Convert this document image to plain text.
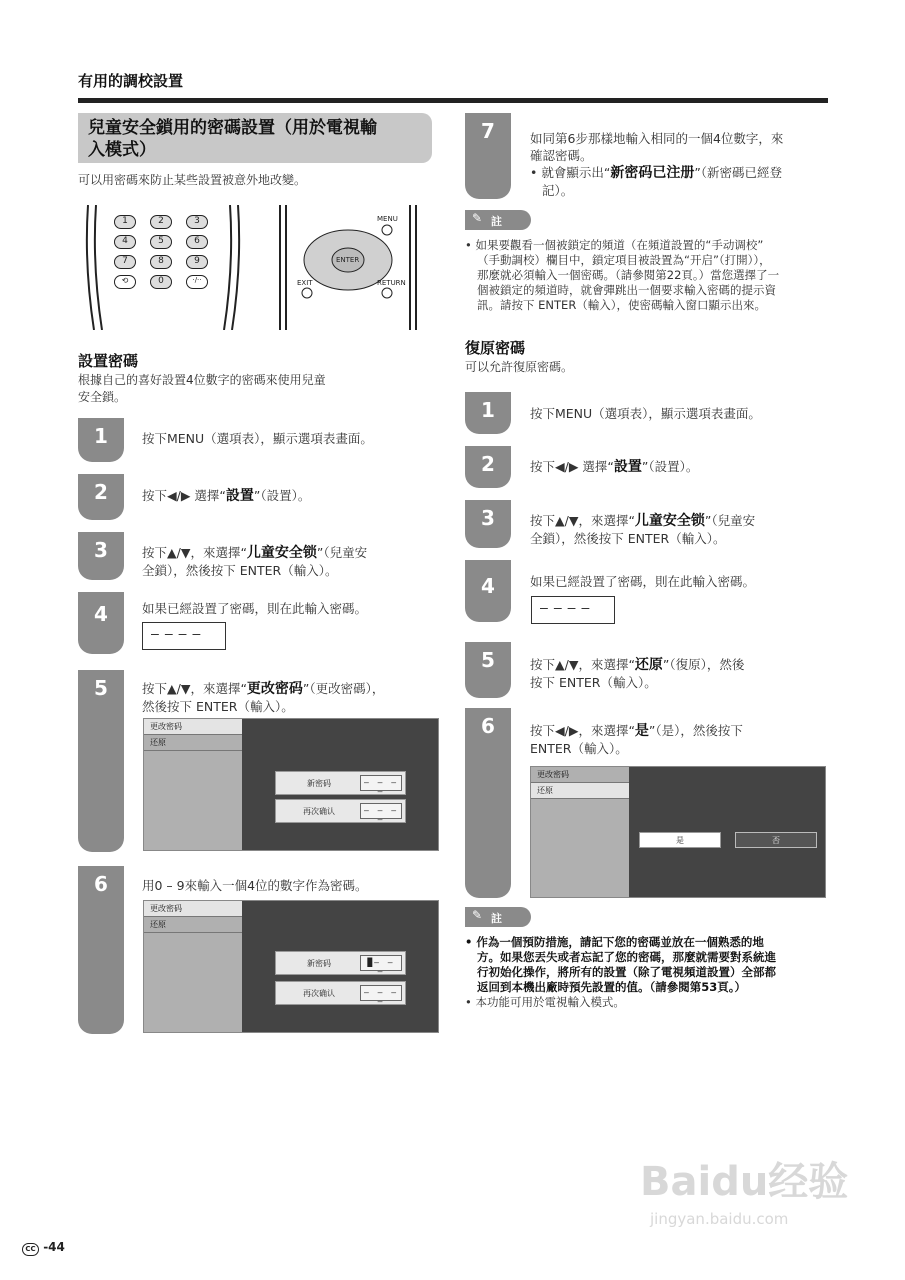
有用的調校設置
兒童安全鎖用的密碼設置（用於電視輸
入模式）
可以用密碼來防止某些設置被意外地改變。
1	2	3
4	5	6
7	8	9
⟲	0	·/··
MENU
EXIT	RETURN
ENTER
設置密碼
根據自己的喜好設置4位數字的密碼來使用兒童
安全鎖。
1	按下MENU（選項表），顯示選項表畫面。
2	按下◀/▶ 選擇“設置”（設置）。
3	按下▲/▼，來選擇“儿童安全锁”（兒童安
全鎖），然後按下 ENTER（輸入）。
4	如果已經設置了密碼，則在此輸入密碼。
––––
5	按下▲/▼，來選擇“更改密码”（更改密碼），
然後按下 ENTER（輸入）。
更改密码
还原
新密码	– – – –
再次确认	– – – –
6	用0 – 9來輸入一個4位的數字作為密碼。
更改密码
还原
新密码	█– – –
再次确认	– – – –
7	如同第6步那樣地輸入相同的一個4位數字，來
確認密碼。
• 就會顯示出“新密码已注册”（新密碼已經登
記）。
註
✎
• 如果要觀看一個被鎖定的頻道（在頻道設置的“手动调校”
（手動調校）欄目中，鎖定項目被設置為“开启”（打開）），
那麼就必須輸入一個密碼。（請參閱第22頁。）當您選擇了一
個被鎖定的頻道時，就會彈跳出一個要求輸入密碼的提示資
訊。請按下 ENTER（輸入），使密碼輸入窗口顯示出來。
復原密碼
可以允許復原密碼。
1	按下MENU（選項表），顯示選項表畫面。
2	按下◀/▶ 選擇“設置”（設置）。
3	按下▲/▼，來選擇“儿童安全锁”（兒童安
全鎖），然後按下 ENTER（輸入）。
4	如果已經設置了密碼，則在此輸入密碼。
––––
5	按下▲/▼，來選擇“还原”（復原），然後
按下 ENTER（輸入）。
6	按下◀/▶，來選擇“是”（是），然後按下
ENTER（輸入）。
更改密码
还原
是	否
註
✎
• 作為一個預防措施，請記下您的密碼並放在一個熟悉的地
方。如果您丟失或者忘記了您的密碼，那麼就需要對系統進
行初始化操作，將所有的設置（除了電視頻道設置）全部都
返回到本機出廠時預先設置的值。（請參閱第53頁。）
• 本功能可用於電視輸入模式。
CC -44
Baidu经验
jingyan.baidu.com
